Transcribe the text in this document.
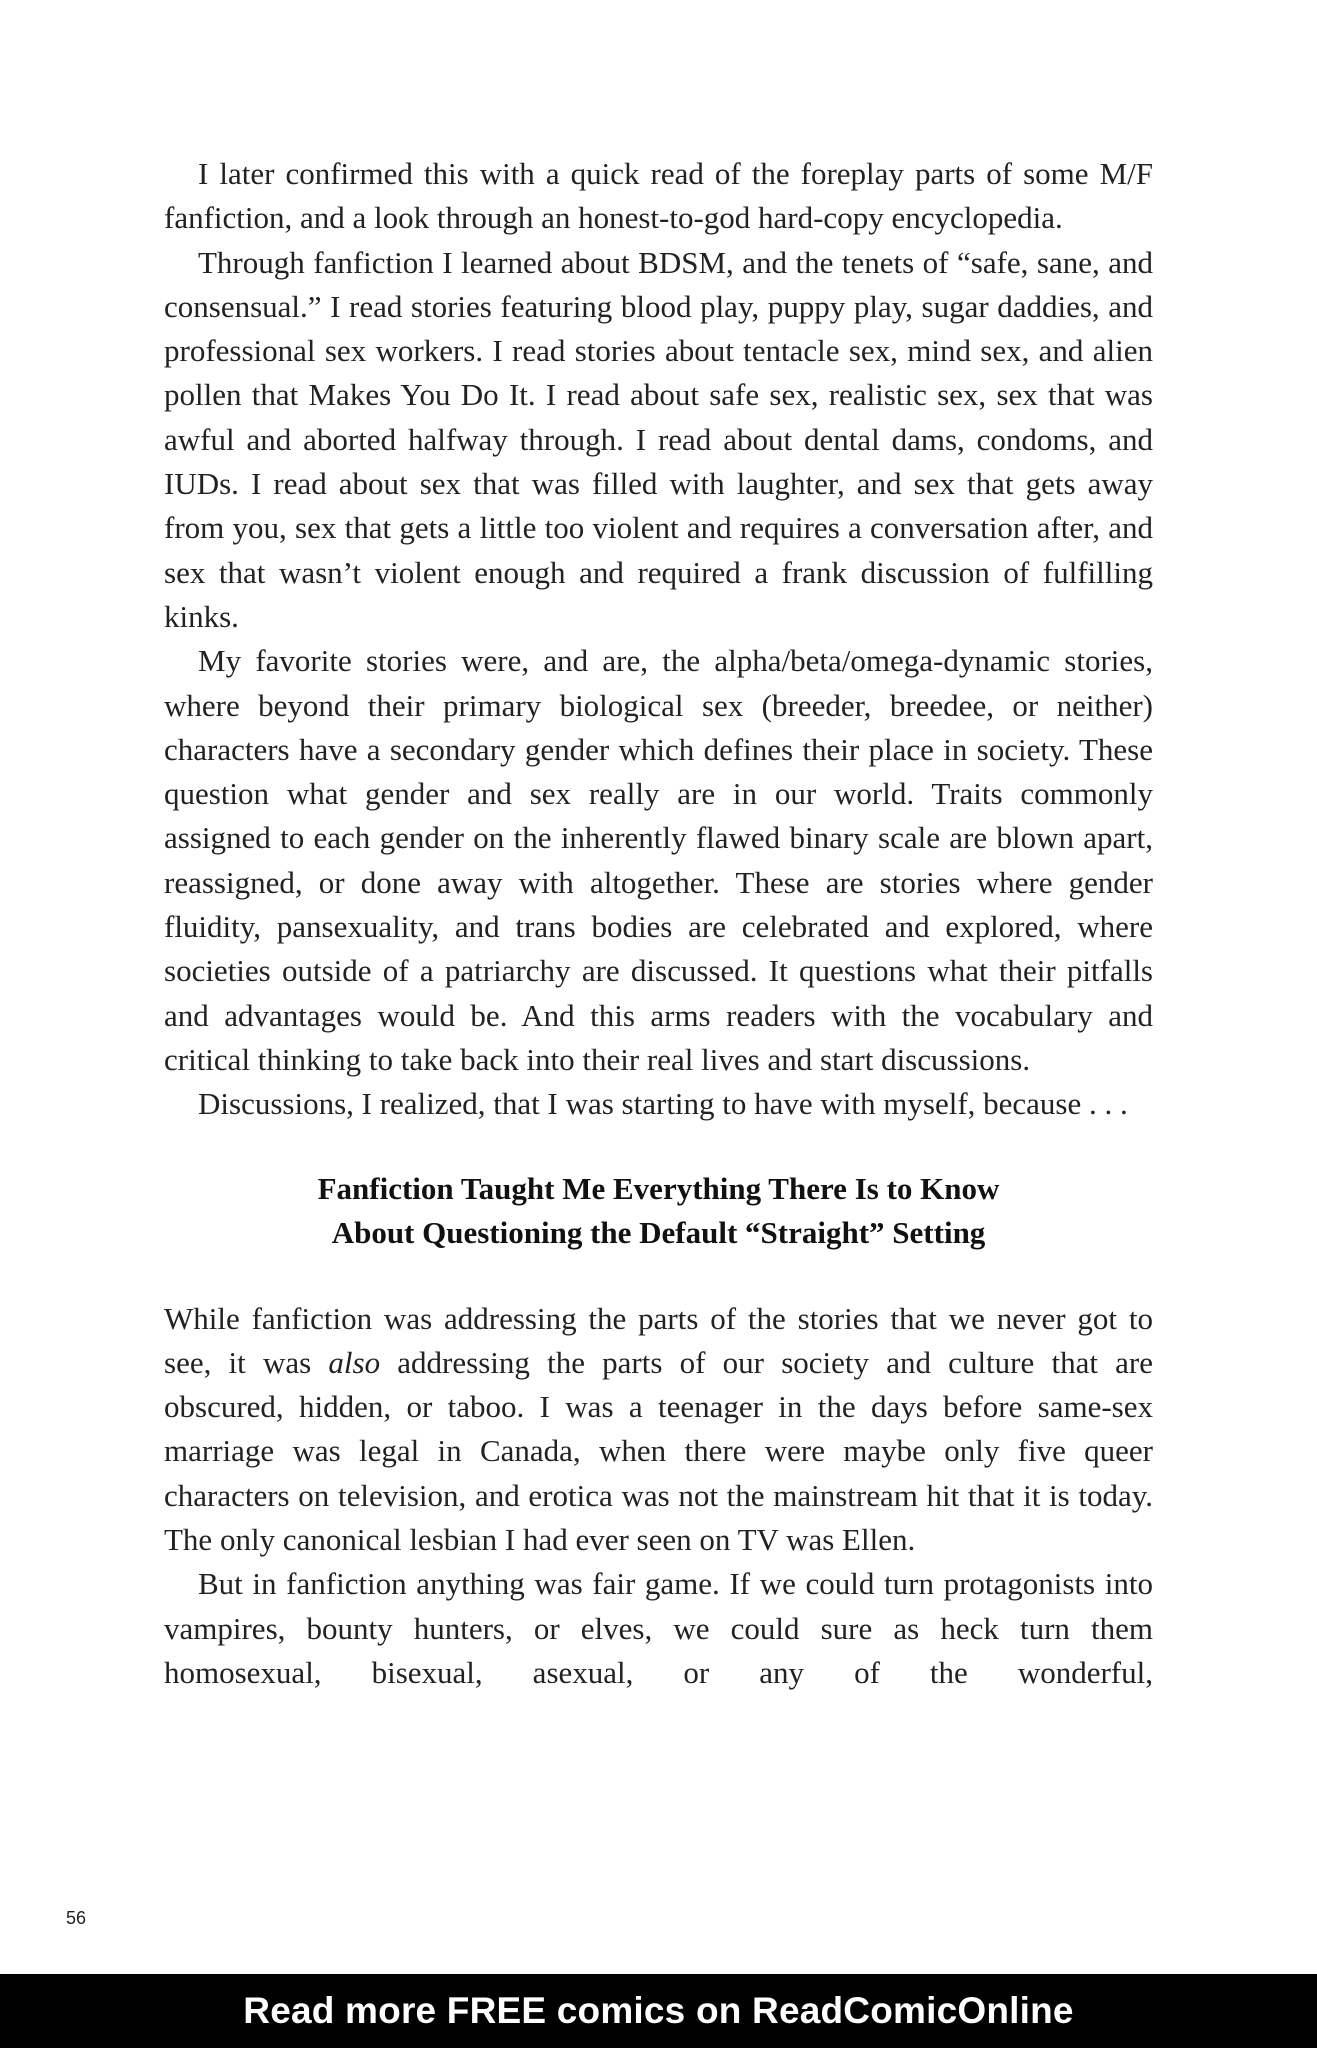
I later confirmed this with a quick read of the foreplay parts of some M/F fanfiction, and a look through an honest-to-god hard-copy encyclopedia.

Through fanfiction I learned about BDSM, and the tenets of “safe, sane, and consensual.” I read stories featuring blood play, puppy play, sugar daddies, and professional sex workers. I read stories about tentacle sex, mind sex, and alien pollen that Makes You Do It. I read about safe sex, realistic sex, sex that was awful and aborted halfway through. I read about dental dams, condoms, and IUDs. I read about sex that was filled with laughter, and sex that gets away from you, sex that gets a little too violent and requires a conversation after, and sex that wasn’t violent enough and required a frank discussion of fulfilling kinks.

My favorite stories were, and are, the alpha/beta/omega-dynamic stories, where beyond their primary biological sex (breeder, breedee, or neither) characters have a secondary gender which defines their place in society. These question what gender and sex really are in our world. Traits commonly assigned to each gender on the inherently flawed binary scale are blown apart, reassigned, or done away with altogether. These are stories where gender fluidity, pansexuality, and trans bodies are celebrated and explored, where societies outside of a patriarchy are discussed. It questions what their pitfalls and advantages would be. And this arms readers with the vocabulary and critical thinking to take back into their real lives and start discussions.

Discussions, I realized, that I was starting to have with myself, because . . .

Fanfiction Taught Me Everything There Is to Know
About Questioning the Default “Straight” Setting

While fanfiction was addressing the parts of the stories that we never got to see, it was also addressing the parts of our society and culture that are obscured, hidden, or taboo. I was a teenager in the days before same-sex marriage was legal in Canada, when there were maybe only five queer characters on television, and erotica was not the mainstream hit that it is today. The only canonical lesbian I had ever seen on TV was Ellen.

But in fanfiction anything was fair game. If we could turn protagonists into vampires, bounty hunters, or elves, we could sure as heck turn them homosexual, bisexual, asexual, or any of the wonderful,

56
Read more FREE comics on ReadComicOnline
